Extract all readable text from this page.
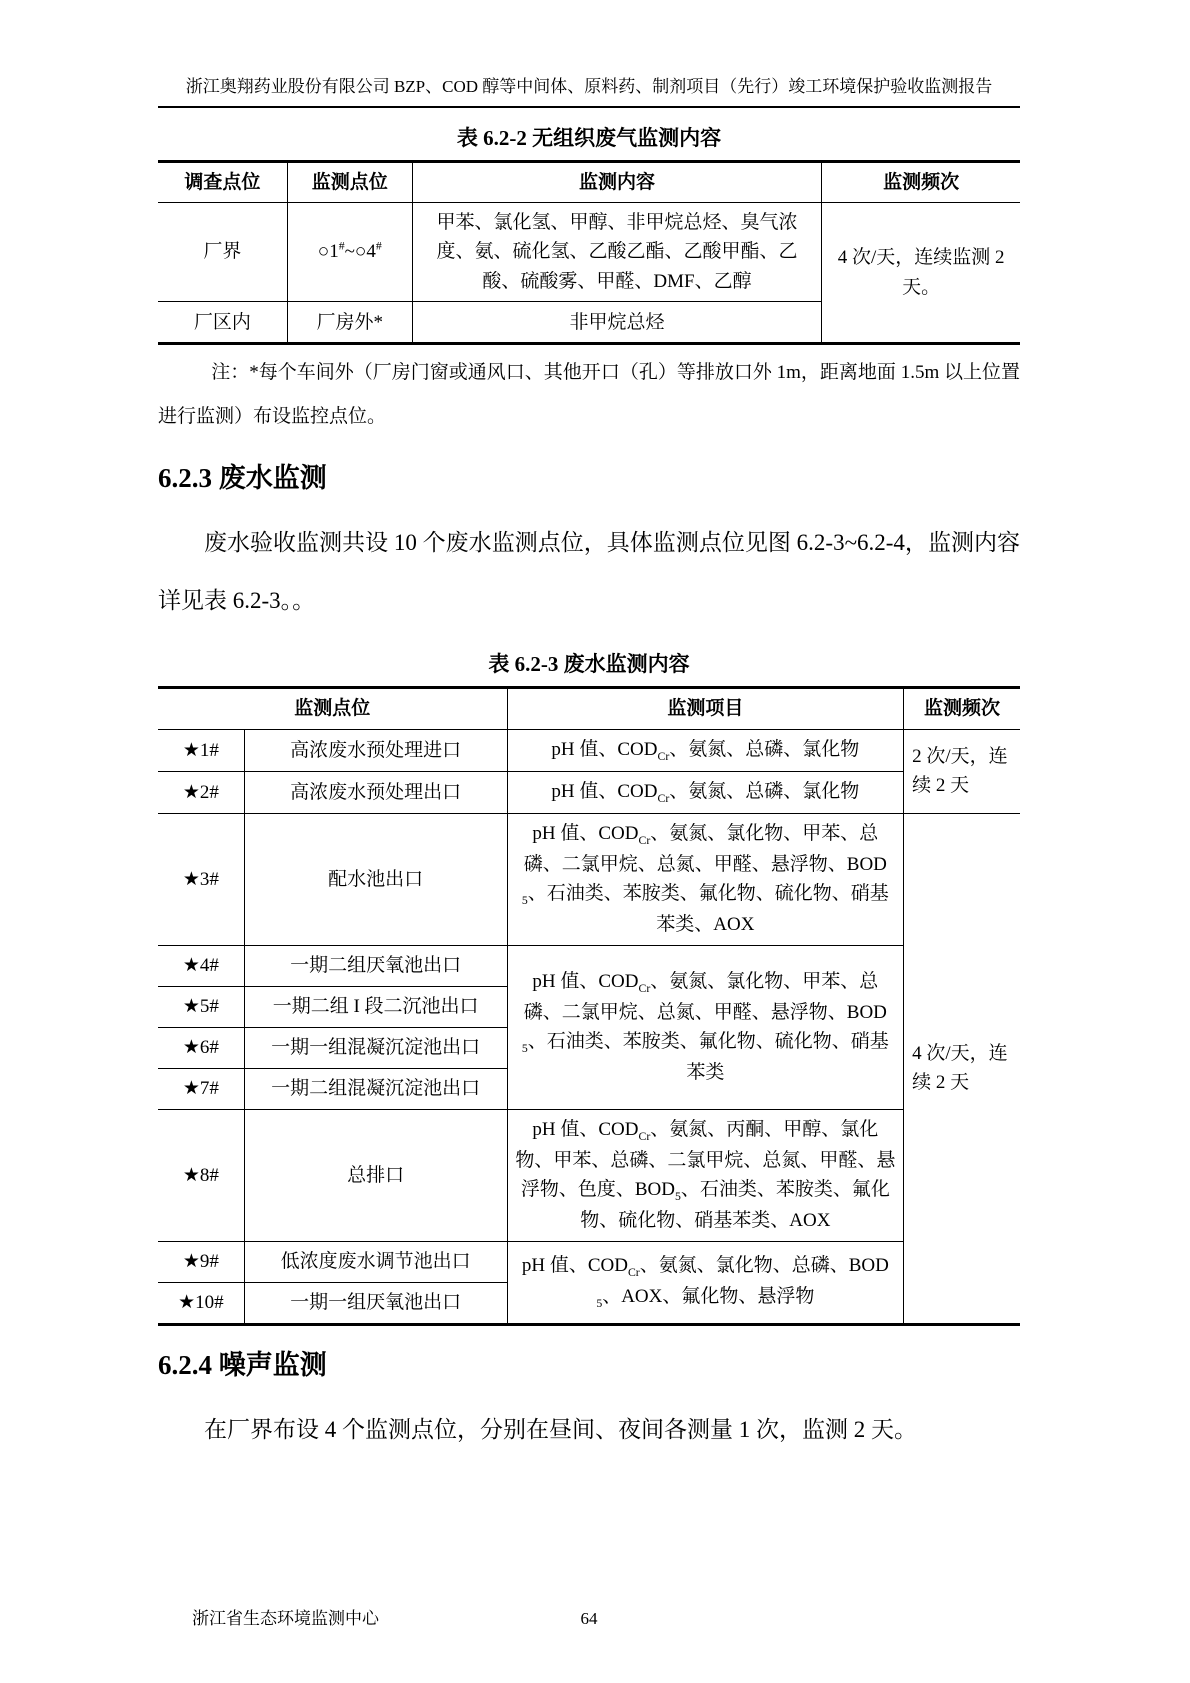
浙江奥翔药业股份有限公司 BZP、COD 醇等中间体、原料药、制剂项目（先行）竣工环境保护验收监测报告
表 6.2-2 无组织废气监测内容
调查点位	监测点位	监测内容	监测频次
厂界	○1#~○4#	甲苯、氯化氢、甲醇、非甲烷总烃、臭气浓度、氨、硫化氢、乙酸乙酯、乙酸甲酯、乙酸、硫酸雾、甲醛、DMF、乙醇	4 次/天，连续监测 2 天。
厂区内	厂房外*	非甲烷总烃	

注：*每个车间外（厂房门窗或通风口、其他开口（孔）等排放口外 1m，距离地面 1.5m 以上位置进行监测）布设监控点位。

6.2.3 废水监测

废水验收监测共设 10 个废水监测点位，具体监测点位见图 6.2-3~6.2-4，监测内容详见表 6.2-3。。

表 6.2-3 废水监测内容
监测点位		监测项目	监测频次
★1#	高浓废水预处理进口	pH 值、$COD_{Cr}$、氨氮、总磷、氯化物	2 次/天，连续 2 天
★2#	高浓废水预处理出口	pH 值、$COD_{Cr}$、氨氮、总磷、氯化物	
★3#	配水池出口	pH 值、$COD_{Cr}$、氨氮、氯化物、甲苯、总磷、二氯甲烷、总氮、甲醛、悬浮物、$BOD_5$、石油类、苯胺类、氟化物、硫化物、硝基苯类、AOX	4 次/天，连续 2 天
★4#	一期二组厌氧池出口	pH 值、$COD_{Cr}$、氨氮、氯化物、甲苯、总磷、二氯甲烷、总氮、甲醛、悬浮物、$BOD_5$、石油类、苯胺类、氟化物、硫化物、硝基苯类	
★5#	一期二组 I 段二沉池出口		
★6#	一期一组混凝沉淀池出口		
★7#	一期二组混凝沉淀池出口		
★8#	总排口	pH 值、$COD_{Cr}$、氨氮、丙酮、甲醇、氯化物、甲苯、总磷、二氯甲烷、总氮、甲醛、悬浮物、色度、$BOD_5$、石油类、苯胺类、氟化物、硫化物、硝基苯类、AOX	
★9#	低浓度废水调节池出口	pH 值、$COD_{Cr}$、氨氮、氯化物、总磷、$BOD_5$、AOX、氟化物、悬浮物	
★10#	一期一组厌氧池出口		
6.2.4 噪声监测

在厂界布设 4 个监测点位，分别在昼间、夜间各测量 1 次，监测 2 天。

浙江省生态环境监测中心	64
